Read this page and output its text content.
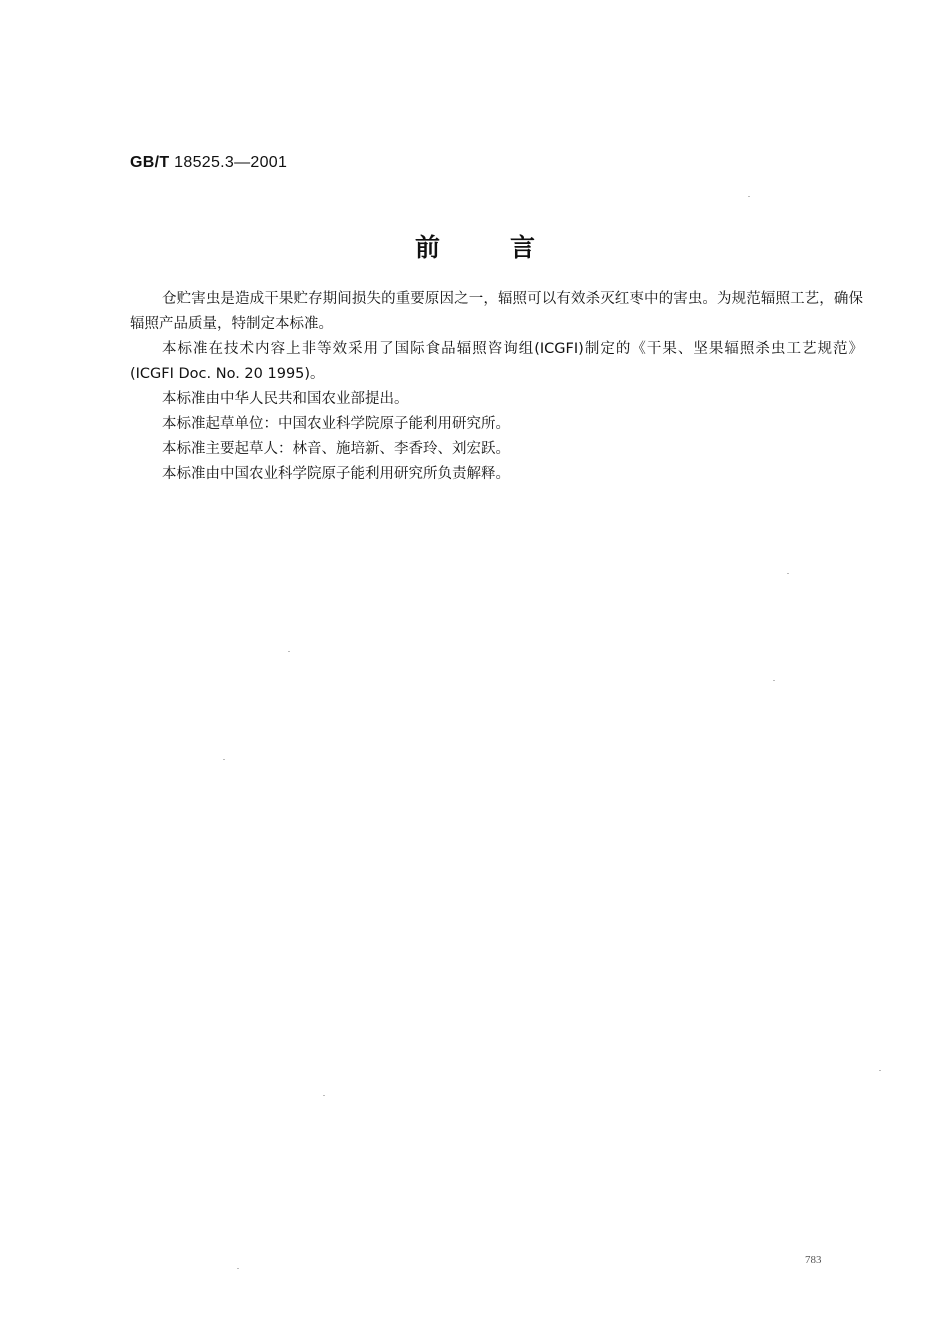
GB/T 18525.3—2001
前言

仓贮害虫是造成干果贮存期间损失的重要原因之一，辐照可以有效杀灭红枣中的害虫。为规范辐照工艺，确保辐照产品质量，特制定本标准。

本标准在技术内容上非等效采用了国际食品辐照咨询组(ICGFI)制定的《干果、坚果辐照杀虫工艺规范》(ICGFI Doc. No. 20 1995)。

本标准由中华人民共和国农业部提出。

本标准起草单位：中国农业科学院原子能利用研究所。

本标准主要起草人：林音、施培新、李香玲、刘宏跃。

本标准由中国农业科学院原子能利用研究所负责解释。

783
